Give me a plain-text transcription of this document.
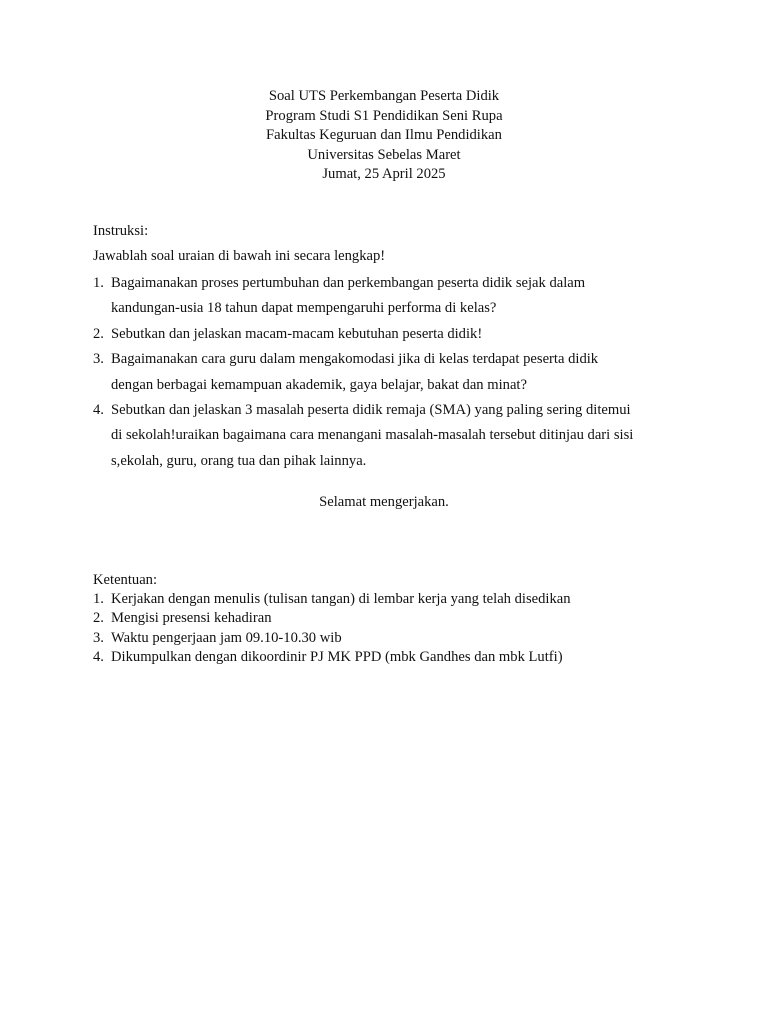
Soal UTS Perkembangan Peserta Didik
Program Studi S1 Pendidikan Seni Rupa
Fakultas Keguruan dan Ilmu Pendidikan
Universitas Sebelas Maret
Jumat, 25 April 2025
Instruksi:
Jawablah soal uraian di bawah ini secara lengkap!
1. Bagaimanakan proses pertumbuhan dan perkembangan peserta didik sejak dalam
kandungan-usia 18 tahun dapat mempengaruhi performa di kelas?
2. Sebutkan dan jelaskan macam-macam kebutuhan peserta didik!
3. Bagaimanakan cara guru dalam mengakomodasi jika di kelas terdapat peserta didik
dengan berbagai kemampuan akademik, gaya belajar, bakat dan minat?
4. Sebutkan dan jelaskan 3 masalah peserta didik remaja (SMA) yang paling sering ditemui
di sekolah!uraikan bagaimana cara menangani masalah-masalah tersebut ditinjau dari sisi
s,ekolah, guru, orang tua dan pihak lainnya.
Selamat mengerjakan.
Ketentuan:
1. Kerjakan dengan menulis (tulisan tangan) di lembar kerja yang telah disedikan
2. Mengisi presensi kehadiran
3. Waktu pengerjaan jam 09.10-10.30 wib
4. Dikumpulkan dengan dikoordinir PJ MK PPD (mbk Gandhes dan mbk Lutfi)
